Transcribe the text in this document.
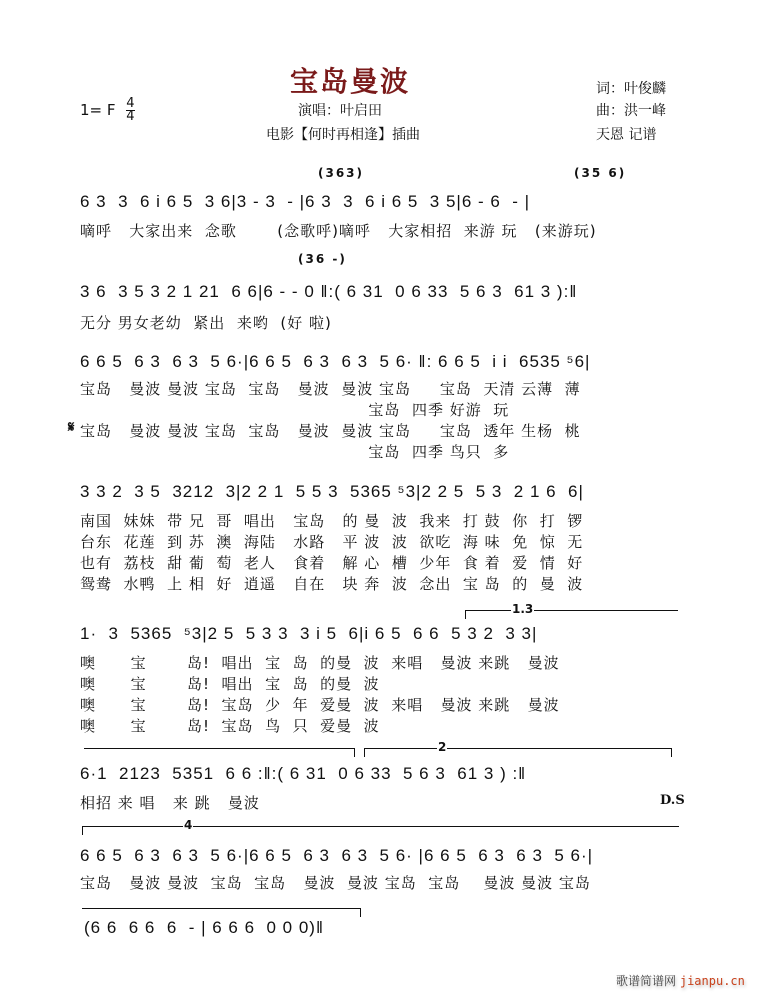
宝岛曼波
1= F $\frac{4}{4}$	演唱：叶启田
电影【何时再相逢】插曲
词：叶俊麟
曲：洪一峰
天恩 记谱
(363)                                  (35 6)
6 3  3  6 i 6 5  3 6|3 - 3  - |6 3  3  6 i 6 5  3 5|6 - 6  - |
嘀呼   大家出来  念歌       (念歌呼)嘀呼   大家相招  来游 玩   (来游玩)
(36 -)
3 6  3 5 3 2 1 21  6 6|6 - - 0 ‖:( 6 31  0 6 33  5 6 3  61 3 ):‖
无分 男女老幼  紧出  来哟  (好 啦)
6 6 5  6 3  6 3  5 6·|6 6 5  6 3  6 3  5 6· ‖: 6 6 5  i i  6535 ⁵6|
宝岛   曼波 曼波 宝岛  宝岛   曼波  曼波 宝岛     宝岛  天清 云薄  薄
宝岛  四季 好游  玩
𝄋 宝岛   曼波 曼波 宝岛  宝岛   曼波  曼波 宝岛     宝岛  透年 生杨  桃
宝岛  四季 鸟只  多
3 3 2  3 5  3212  3|2 2 1  5 5 3  5365 ⁵3|2 2 5  5 3  2 1 6  6|
南国  妹妹  带 兄  哥  唱出   宝岛   的 曼  波  我来  打 鼓  你  打  锣
台东  花莲  到 苏  澳  海陆   水路   平 波  波  欲吃  海 味  免  惊  无
也有  荔枝  甜 葡  萄  老人   食着   解 心  槽  少年  食 着  爱  情  好
鸳鸯  水鸭  上 相  好  逍遥   自在   块 奔  波  念出  宝 岛  的  曼  波
1.3
1·  3  5365  ⁵3|2 5  5 3 3  3 i 5  6|i 6 5  6 6  5 3 2  3 3|
噢      宝       岛!  唱出  宝  岛  的曼  波  来唱   曼波 来跳   曼波
噢      宝       岛!  唱出  宝  岛  的曼  波
噢      宝       岛!  宝岛  少  年  爱曼  波  来唱   曼波 来跳   曼波
噢      宝       岛!  宝岛  鸟  只  爱曼  波
2
6·1  2123  5351  6 6 :‖:( 6 31  0 6 33  5 6 3  61 3 ) :‖
相招 来 唱   来 跳   曼波	D.S
4
6 6 5  6 3  6 3  5 6·|6 6 5  6 3  6 3  5 6· |6 6 5  6 3  6 3  5 6·|
宝岛   曼波 曼波  宝岛  宝岛   曼波  曼波 宝岛  宝岛    曼波 曼波 宝岛
(6 6  6 6  6  - | 6 6 6  0 0 0)‖
歌谱简谱网 jianpu.cn
